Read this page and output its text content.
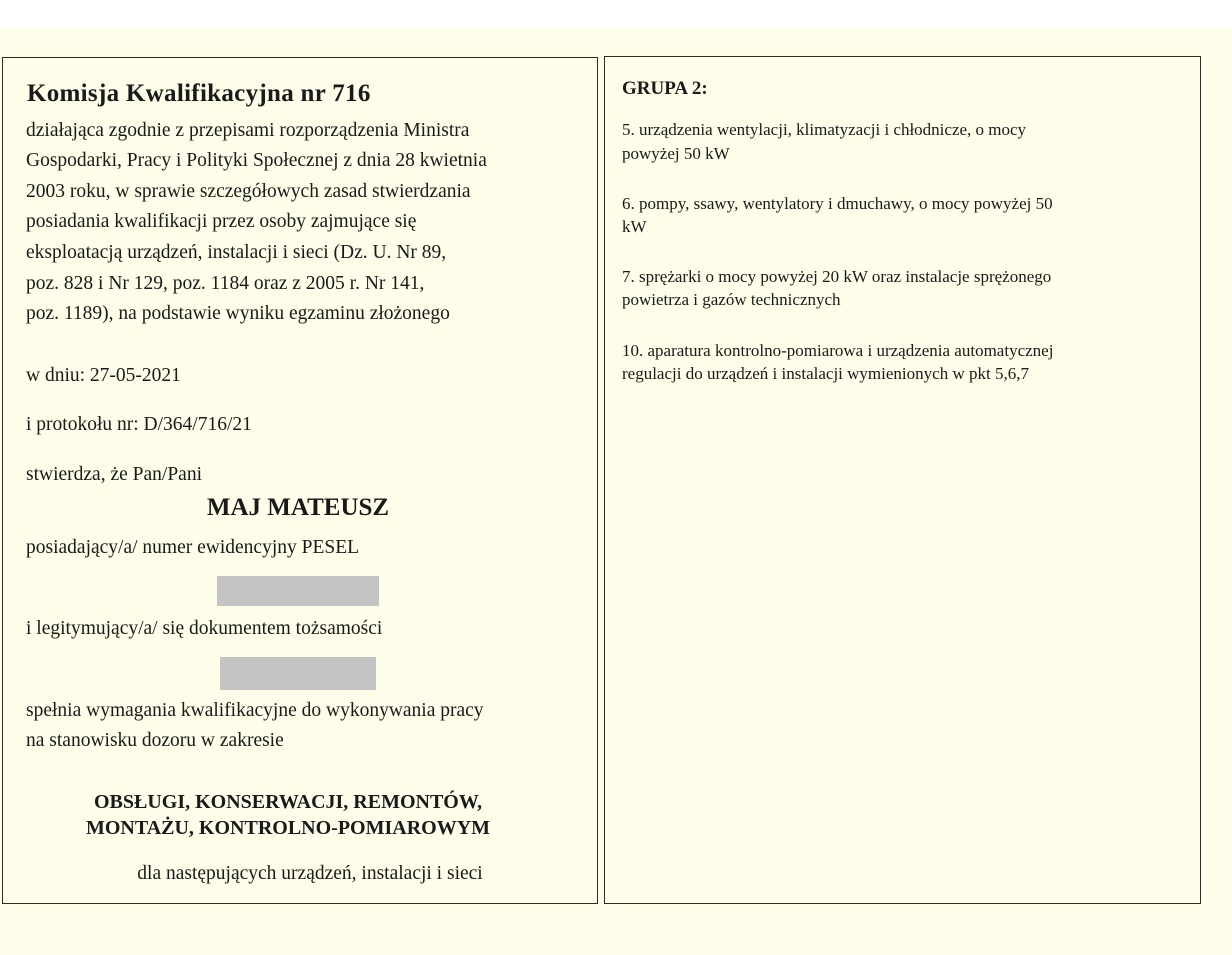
Komisja Kwalifikacyjna nr 716
działająca zgodnie z przepisami rozporządzenia Ministra
Gospodarki, Pracy i Polityki Społecznej z dnia 28 kwietnia
2003 roku, w sprawie szczegółowych zasad stwierdzania
posiadania kwalifikacji przez osoby zajmujące się
eksploatacją urządzeń, instalacji i sieci (Dz. U. Nr 89,
poz. 828 i Nr 129, poz. 1184 oraz z 2005 r. Nr 141,
poz. 1189), na podstawie wyniku egzaminu złożonego
w dniu: 27-05-2021
i protokołu nr: D/364/716/21
stwierdza, że Pan/Pani
MAJ MATEUSZ
posiadający/a/ numer ewidencyjny PESEL
i legitymujący/a/ się dokumentem tożsamości
spełnia wymagania kwalifikacyjne do wykonywania pracy
na stanowisku dozoru w zakresie
OBSŁUGI, KONSERWACJI, REMONTÓW,
MONTAŻU, KONTROLNO-POMIAROWYM
dla następujących urządzeń, instalacji i sieci
GRUPA 2:
5. urządzenia wentylacji, klimatyzacji i chłodnicze, o mocy
powyżej 50 kW
6. pompy, ssawy, wentylatory i dmuchawy, o mocy powyżej 50
kW
7. sprężarki o mocy powyżej 20 kW oraz instalacje sprężonego
powietrza i gazów technicznych
10. aparatura kontrolno-pomiarowa i urządzenia automatycznej
regulacji do urządzeń i instalacji wymienionych w pkt 5,6,7
